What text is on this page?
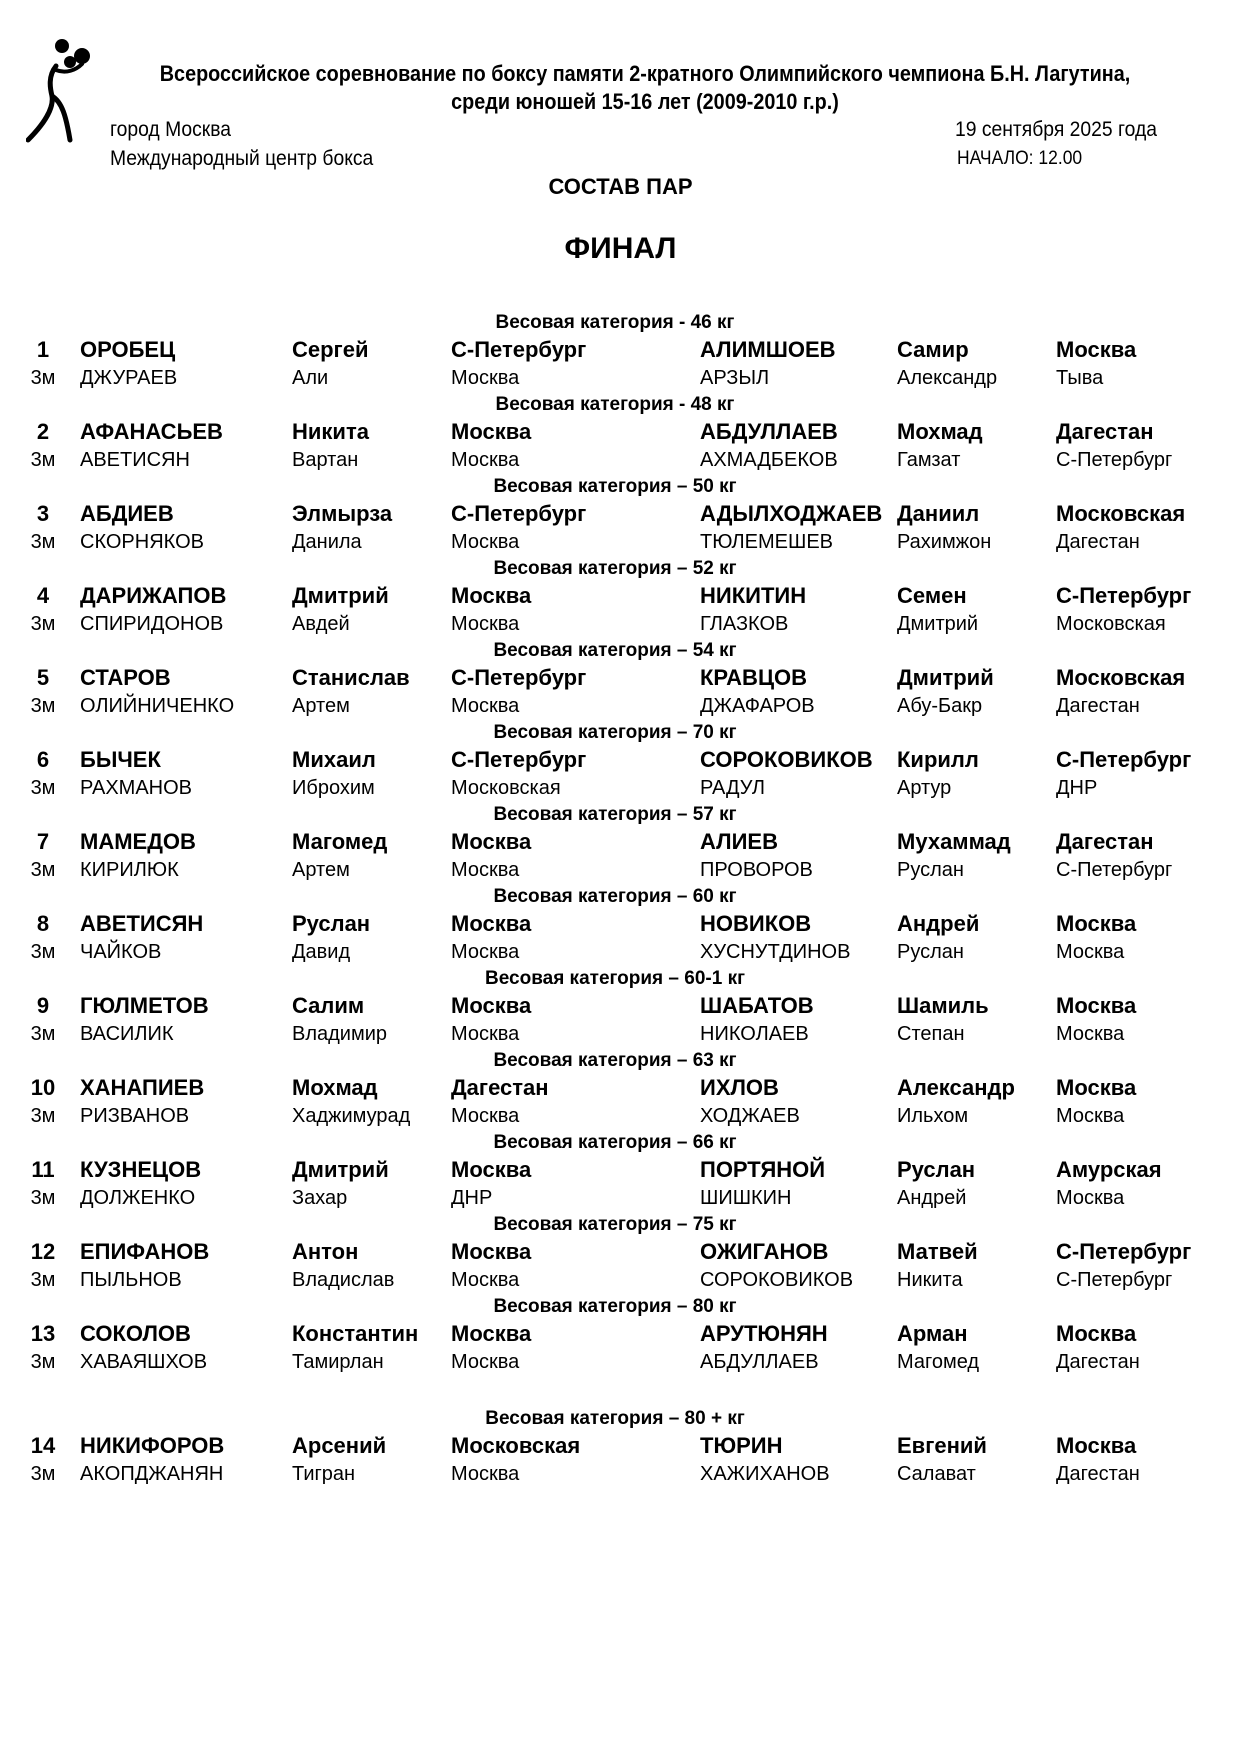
Всероссийское соревнование по боксу памяти 2-кратного Олимпийского чемпиона Б.Н. Лагутина,
среди юношей 15-16 лет (2009-2010 г.р.)
город Москва
Международный центр бокса
19 сентября 2025 года
НАЧАЛО: 12.00
СОСТАВ ПАР
ФИНАЛ
Весовая категория - 46 кг
1	ОРОБЕЦ	Сергей	С-Петербург	АЛИМШОЕВ	Самир	Москва
3м ДЖУРАЕВ	Али	Москва	АРЗЫЛ	Александр	Тыва
Весовая категория - 48 кг
2	АФАНАСЬЕВ	Никита	Москва	АБДУЛЛАЕВ	Мохмад	Дагестан
3м АВЕТИСЯН	Вартан	Москва	АХМАДБЕКОВ	Гамзат	С-Петербург
Весовая категория – 50 кг
3	АБДИЕВ	Элмырза	С-Петербург	АДЫЛХОДЖАЕВ Даниил	Московская
3м СКОРНЯКОВ	Данила	Москва	ТЮЛЕМЕШЕВ	Рахимжон	Дагестан
Весовая категория – 52 кг
4	ДАРИЖАПОВ	Дмитрий	Москва	НИКИТИН	Семен	С-Петербург
3м СПИРИДОНОВ	Авдей	Москва	ГЛАЗКОВ	Дмитрий	Московская
Весовая категория – 54 кг
5	СТАРОВ	Станислав С-Петербург	КРАВЦОВ	Дмитрий	Московская
3м ОЛИЙНИЧЕНКО	Артем	Москва	ДЖАФАРОВ	Абу-Бакр	Дагестан
Весовая категория – 70 кг
6	БЫЧЕК	Михаил	С-Петербург	СОРОКОВИКОВ Кирилл	С-Петербург
3м РАХМАНОВ	Иброхим	Московская	РАДУЛ	Артур	ДНР
Весовая категория – 57 кг
7	МАМЕДОВ	Магомед	Москва	АЛИЕВ	Мухаммад Дагестан
3м КИРИЛЮК	Артем	Москва	ПРОВОРОВ	Руслан	С-Петербург
Весовая категория – 60 кг
8	АВЕТИСЯН	Руслан	Москва	НОВИКОВ	Андрей	Москва
3м ЧАЙКОВ	Давид	Москва	ХУСНУТДИНОВ Руслан	Москва
Весовая категория – 60-1 кг
9	ГЮЛМЕТОВ	Салим	Москва	ШАБАТОВ	Шамиль	Москва
3м ВАСИЛИК	Владимир	Москва	НИКОЛАЕВ	Степан	Москва
Весовая категория – 63 кг
10 ХАНАПИЕВ	Мохмад	Дагестан	ИХЛОВ	Александр Москва
3м РИЗВАНОВ	Хаджимурад Москва	ХОДЖАЕВ	Ильхом	Москва
Весовая категория – 66 кг
11 КУЗНЕЦОВ	Дмитрий	Москва	ПОРТЯНОЙ	Руслан	Амурская
3м ДОЛЖЕНКО	Захар	ДНР	ШИШКИН	Андрей	Москва
Весовая категория – 75 кг
12 ЕПИФАНОВ	Антон	Москва	ОЖИГАНОВ	Матвей	С-Петербург
3м ПЫЛЬНОВ	Владислав	Москва	СОРОКОВИКОВ Никита	С-Петербург
Весовая категория – 80 кг
13 СОКОЛОВ	Константин Москва	АРУТЮНЯН	Арман	Москва
3м ХАВАЯШХОВ	Тамирлан	Москва	АБДУЛЛАЕВ	Магомед	Дагестан
Весовая категория – 80 + кг
14 НИКИФОРОВ	Арсений	Московская	ТЮРИН	Евгений	Москва
3м АКОПДЖАНЯН	Тигран	Москва	ХАЖИХАНОВ	Салават	Дагестан
